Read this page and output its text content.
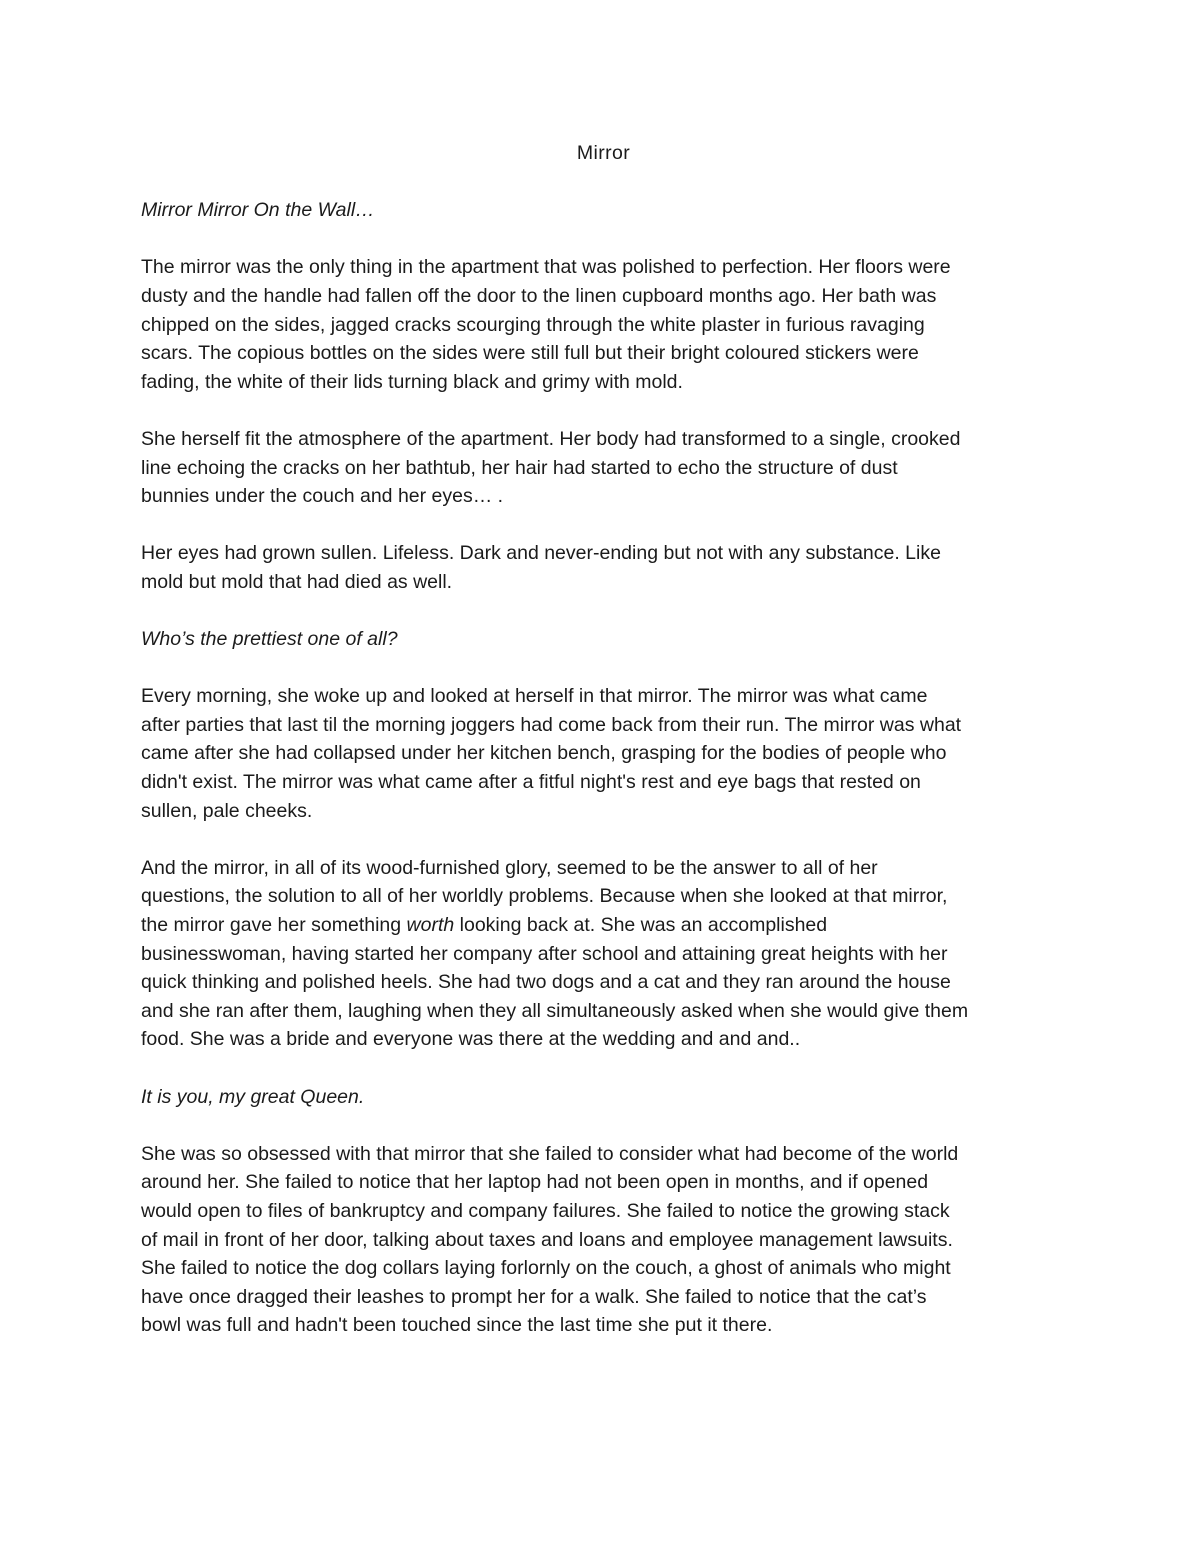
Mirror
Mirror Mirror On the Wall…
The mirror was the only thing in the apartment that was polished to perfection. Her floors were
dusty and the handle had fallen off the door to the linen cupboard months ago. Her bath was
chipped on the sides, jagged cracks scourging through the white plaster in furious ravaging
scars. The copious bottles on the sides were still full but their bright coloured stickers were
fading, the white of their lids turning black and grimy with mold.
She herself fit the atmosphere of the apartment. Her body had transformed to a single, crooked
line echoing the cracks on her bathtub, her hair had started to echo the structure of dust
bunnies under the couch and her eyes… .
Her eyes had grown sullen. Lifeless. Dark and never-ending but not with any substance. Like
mold but mold that had died as well.
Who’s the prettiest one of all?
Every morning, she woke up and looked at herself in that mirror. The mirror was what came
after parties that last til the morning joggers had come back from their run. The mirror was what
came after she had collapsed under her kitchen bench, grasping for the bodies of people who
didn't exist. The mirror was what came after a fitful night's rest and eye bags that rested on
sullen, pale cheeks.
And the mirror, in all of its wood-furnished glory, seemed to be the answer to all of her
questions, the solution to all of her worldly problems. Because when she looked at that mirror,
the mirror gave her something worth looking back at. She was an accomplished
businesswoman, having started her company after school and attaining great heights with her
quick thinking and polished heels. She had two dogs and a cat and they ran around the house
and she ran after them, laughing when they all simultaneously asked when she would give them
food. She was a bride and everyone was there at the wedding and and and..
It is you, my great Queen.
She was so obsessed with that mirror that she failed to consider what had become of the world
around her. She failed to notice that her laptop had not been open in months, and if opened
would open to files of bankruptcy and company failures. She failed to notice the growing stack
of mail in front of her door, talking about taxes and loans and employee management lawsuits.
She failed to notice the dog collars laying forlornly on the couch, a ghost of animals who might
have once dragged their leashes to prompt her for a walk. She failed to notice that the cat’s
bowl was full and hadn't been touched since the last time she put it there.
